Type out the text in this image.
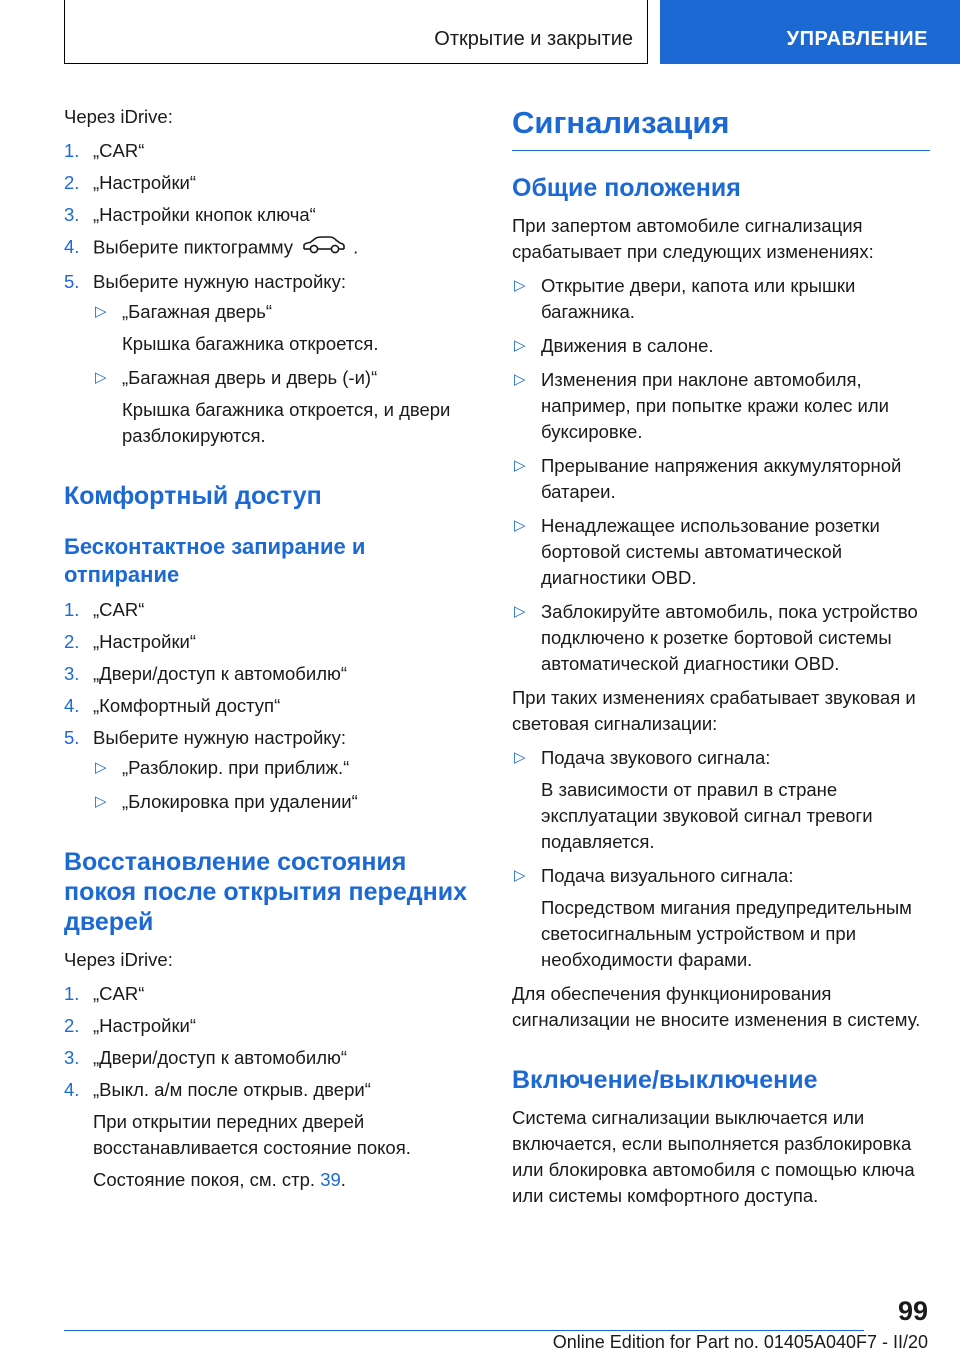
Открытие и закрытие	УПРАВЛЕНИЕ

Через iDrive:

1. „CAR“
2. „Настройки“
3. „Настройки кнопок ключа“
4. Выберите пиктограмму	.
5. Выберите нужную настройку:
▷ „Багажная дверь“
Крышка багажника откроется.
▷ „Багажная дверь и дверь (-и)“
Крышка багажника откроется, и двери разблокируются.
Комфортный доступ
Бесконтактное запирание и отпирание
1. „CAR“
2. „Настройки“
3. „Двери/доступ к автомобилю“
4. „Комфортный доступ“
5. Выберите нужную настройку:
▷ „Разблокир. при приближ.“
▷ „Блокировка при удалении“
Восстановление состояния покоя после открытия передних дверей

Через iDrive:

1. „CAR“
2. „Настройки“
3. „Двери/доступ к автомобилю“
4. „Выкл. а/м после открыв. двери“
При открытии передних дверей восстанавливается состояние покоя.
Состояние покоя, см. стр. 39.
Сигнализация
Общие положения

При запертом автомобиле сигнализация срабатывает при следующих изменениях:

▷ Открытие двери, капота или крышки багажника.
▷ Движения в салоне.
▷ Изменения при наклоне автомобиля, например, при попытке кражи колес или буксировке.
▷ Прерывание напряжения аккумуляторной батареи.
▷ Ненадлежащее использование розетки бортовой системы автоматической диагностики OBD.
▷ Заблокируйте автомобиль, пока устройство подключено к розетке бортовой системы автоматической диагностики OBD.

При таких изменениях срабатывает звуковая и световая сигнализации:

▷ Подача звукового сигнала:
В зависимости от правил в стране эксплуатации звуковой сигнал тревоги подавляется.
▷ Подача визуального сигнала:
Посредством мигания предупредительным светосигнальным устройством и при необходимости фарами.

Для обеспечения функционирования сигнализации не вносите изменения в систему.

Включение/выключение

Система сигнализации выключается или включается, если выполняется разблокировка или блокировка автомобиля с помощью ключа или системы комфортного доступа.

99
Online Edition for Part no. 01405A040F7 - II/20
